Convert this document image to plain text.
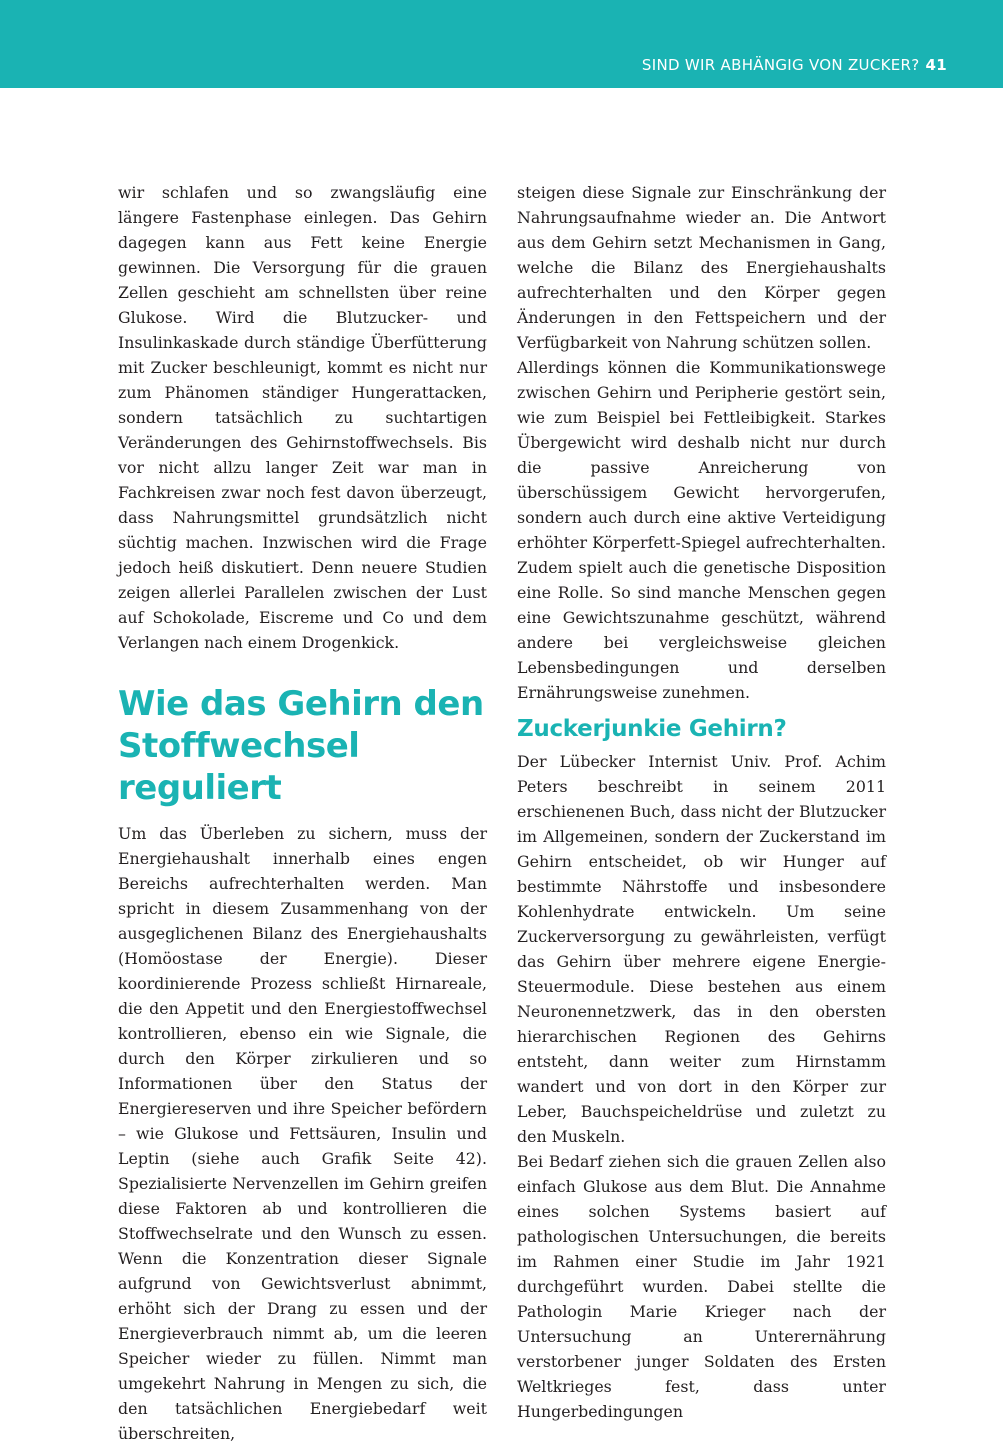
SIND WIR ABHÄNGIG VON ZUCKER? 41

wir schlafen und so zwangsläufig eine längere Fastenphase einlegen. Das Gehirn dagegen kann aus Fett keine Energie gewinnen. Die Versorgung für die grauen Zellen geschieht am schnellsten über reine Glukose. Wird die Blutzucker- und Insulinkaskade durch ständige Überfütterung mit Zucker beschleunigt, kommt es nicht nur zum Phänomen ständiger Hungerattacken, sondern tatsächlich zu suchtartigen Veränderungen des Gehirnstoffwechsels. Bis vor nicht allzu langer Zeit war man in Fachkreisen zwar noch fest davon überzeugt, dass Nahrungsmittel grundsätzlich nicht süchtig machen. Inzwischen wird die Frage jedoch heiß diskutiert. Denn neuere Studien zeigen allerlei Parallelen zwischen der Lust auf Schokolade, Eiscreme und Co und dem Verlangen nach einem Drogenkick.

Wie das Gehirn den Stoffwechsel reguliert

Um das Überleben zu sichern, muss der Energiehaushalt innerhalb eines engen Bereichs aufrechterhalten werden. Man spricht in diesem Zusammenhang von der ausgeglichenen Bilanz des Energiehaushalts (Homöostase der Energie). Dieser koordinierende Prozess schließt Hirnareale, die den Appetit und den Energiestoffwechsel kontrollieren, ebenso ein wie Signale, die durch den Körper zirkulieren und so Informationen über den Status der Energiereserven und ihre Speicher befördern – wie Glukose und Fettsäuren, Insulin und Leptin (siehe auch Grafik Seite 42). Spezialisierte Nervenzellen im Gehirn greifen diese Faktoren ab und kontrollieren die Stoffwechselrate und den Wunsch zu essen. Wenn die Konzentration dieser Signale aufgrund von Gewichtsverlust abnimmt, erhöht sich der Drang zu essen und der Energieverbrauch nimmt ab, um die leeren Speicher wieder zu füllen. Nimmt man umgekehrt Nahrung in Mengen zu sich, die den tatsächlichen Energiebedarf weit überschreiten,

steigen diese Signale zur Einschränkung der Nahrungsaufnahme wieder an. Die Antwort aus dem Gehirn setzt Mechanismen in Gang, welche die Bilanz des Energiehaushalts aufrechterhalten und den Körper gegen Änderungen in den Fettspeichern und der Verfügbarkeit von Nahrung schützen sollen.

Allerdings können die Kommunikationswege zwischen Gehirn und Peripherie gestört sein, wie zum Beispiel bei Fettleibigkeit. Starkes Übergewicht wird deshalb nicht nur durch die passive Anreicherung von überschüssigem Gewicht hervorgerufen, sondern auch durch eine aktive Verteidigung erhöhter Körperfett-Spiegel aufrechterhalten. Zudem spielt auch die genetische Disposition eine Rolle. So sind manche Menschen gegen eine Gewichtszunahme geschützt, während andere bei vergleichsweise gleichen Lebensbedingungen und derselben Ernährungsweise zunehmen.

Zuckerjunkie Gehirn?

Der Lübecker Internist Univ. Prof. Achim Peters beschreibt in seinem 2011 erschienenen Buch, dass nicht der Blutzucker im Allgemeinen, sondern der Zuckerstand im Gehirn entscheidet, ob wir Hunger auf bestimmte Nährstoffe und insbesondere Kohlenhydrate entwickeln. Um seine Zuckerversorgung zu gewährleisten, verfügt das Gehirn über mehrere eigene Energie-Steuermodule. Diese bestehen aus einem Neuronennetzwerk, das in den obersten hierarchischen Regionen des Gehirns entsteht, dann weiter zum Hirnstamm wandert und von dort in den Körper zur Leber, Bauchspeicheldrüse und zuletzt zu den Muskeln.

Bei Bedarf ziehen sich die grauen Zellen also einfach Glukose aus dem Blut. Die Annahme eines solchen Systems basiert auf pathologischen Untersuchungen, die bereits im Rahmen einer Studie im Jahr 1921 durchgeführt wurden. Dabei stellte die Pathologin Marie Krieger nach der Untersuchung an Unterernährung verstorbener junger Soldaten des Ersten Weltkrieges fest, dass unter Hungerbedingungen
